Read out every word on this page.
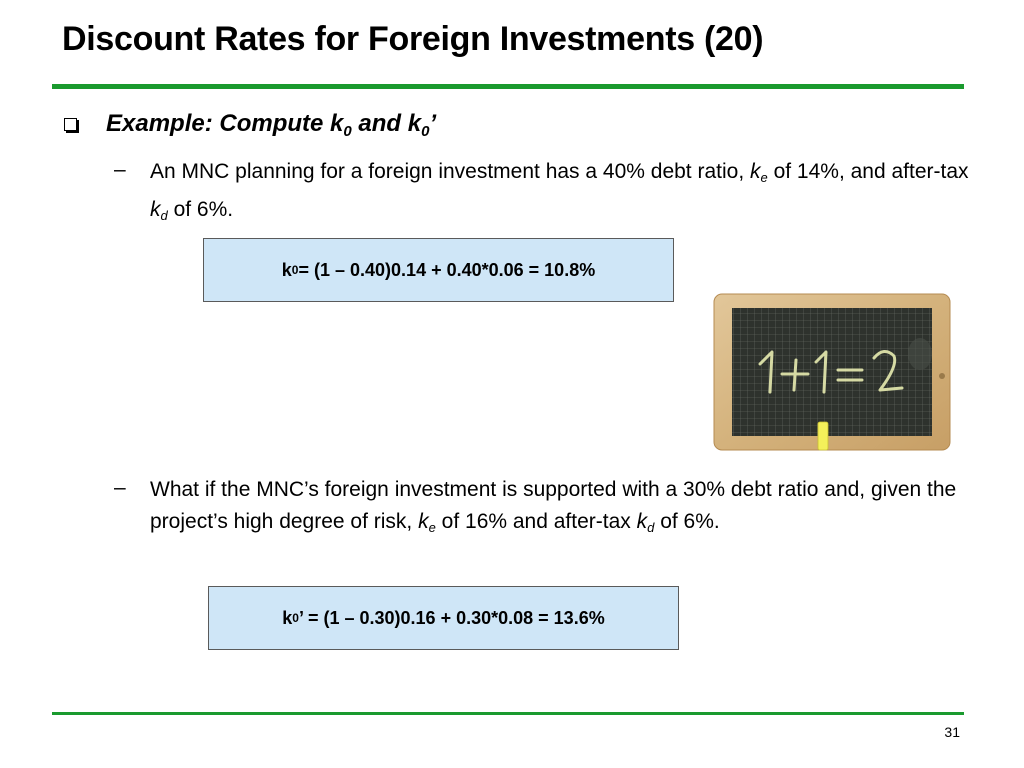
Discount Rates for Foreign Investments (20)
Example: Compute $k_0$ and $k_0$’
– An MNC planning for a foreign investment has a 40% debt ratio, $k_e$ of 14%, and after-tax $k_d$ of 6%.
k 0 = (1 – 0.40)0.14 + 0.40*0.06 = 10.8%
– What if the MNC’s foreign investment is supported with a 30% debt ratio and, given the project’s high degree of risk, $k_e$ of 16% and after-tax $k_d$ of 6%.
k 0 ’ = (1 – 0.30)0.16 + 0.30*0.08 = 13.6%
31
